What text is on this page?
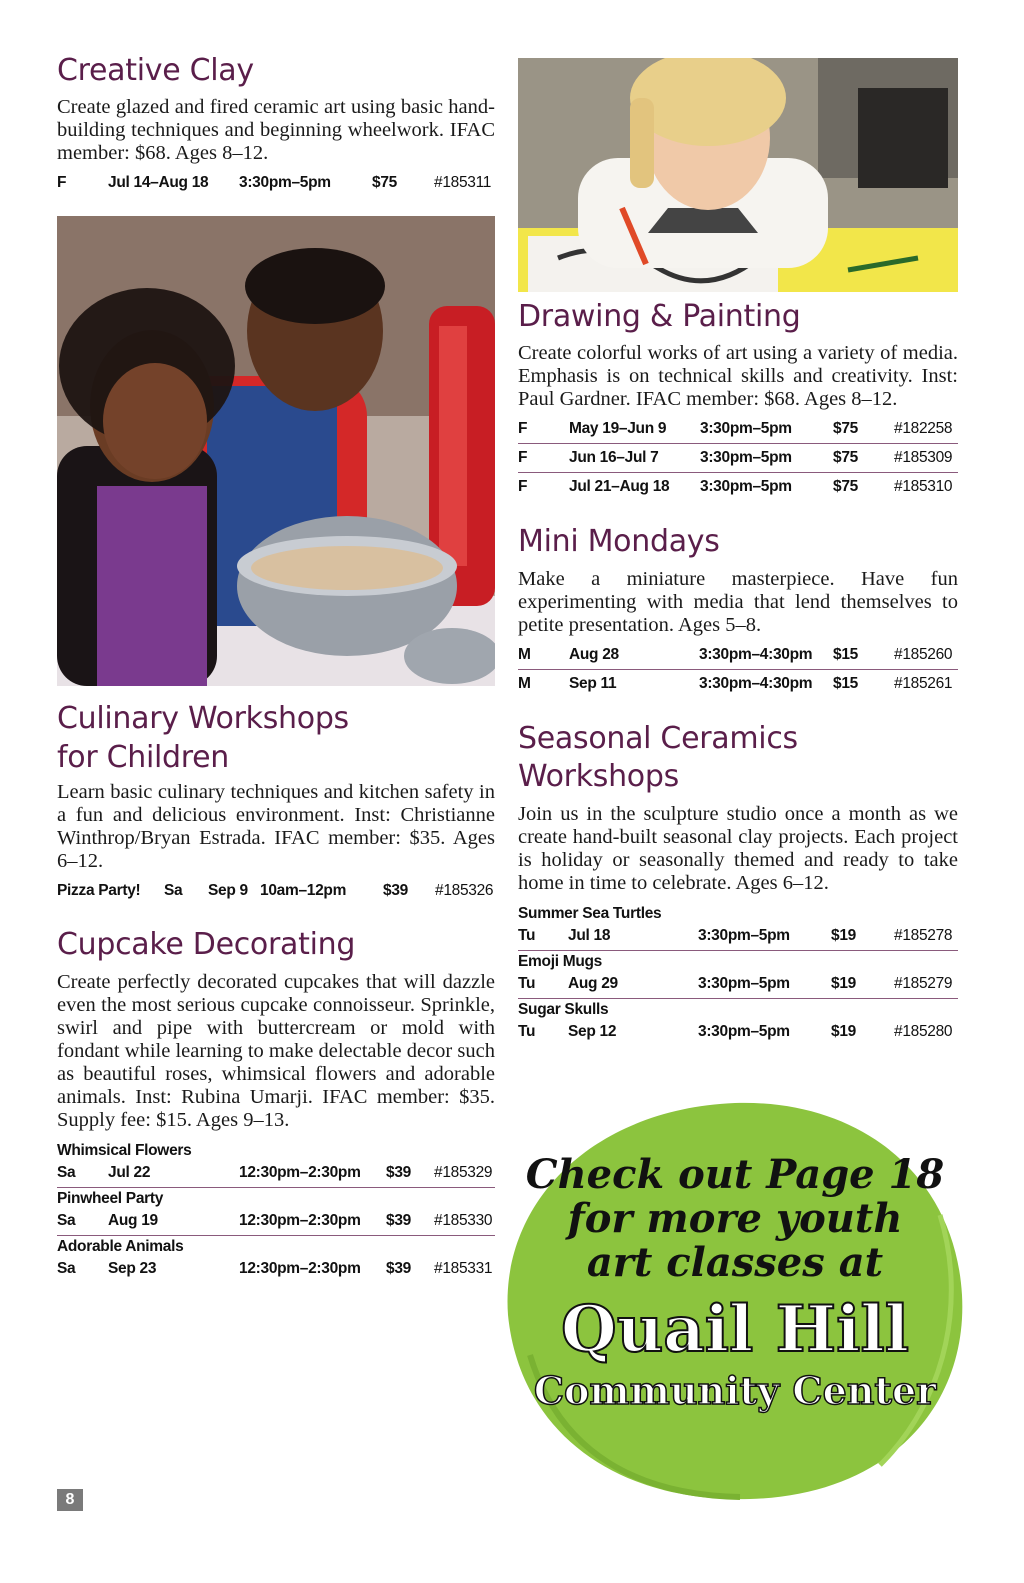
Creative Clay

Create glazed and fired ceramic art using basic hand-building techniques and beginning wheelwork. IFAC member: $68. Ages 8–12.

F	Jul 14–Aug 18	3:30pm–5pm	$75	#185311
Culinary Workshops
for Children

Learn basic culinary techniques and kitchen safety in a fun and delicious environment. Inst: Christianne Winthrop/Bryan Estrada. IFAC member: $35. Ages 6–12.

Pizza Party!	Sa	Sep 9 10am–12pm	$39	#185326
Cupcake Decorating

Create perfectly decorated cupcakes that will dazzle even the most serious cupcake connoisseur. Sprinkle, swirl and pipe with buttercream or mold with fondant while learning to make delectable decor such as beautiful roses, whimsical flowers and adorable animals. Inst: Rubina Umarji. IFAC member: $35. Supply fee: $15. Ages 9–13.

Whimsical Flowers
Sa	Jul 22	12:30pm–2:30pm	$39	#185329
Pinwheel Party
Sa	Aug 19	12:30pm–2:30pm	$39	#185330
Adorable Animals
Sa	Sep 23	12:30pm–2:30pm	$39	#185331
Drawing & Painting

Create colorful works of art using a variety of media. Emphasis is on technical skills and creativity. Inst: Paul Gardner. IFAC member: $68. Ages 8–12.

F	May 19–Jun 9	3:30pm–5pm	$75	#182258
F	Jun 16–Jul 7	3:30pm–5pm	$75	#185309
F	Jul 21–Aug 18	3:30pm–5pm	$75	#185310
Mini Mondays

Make a miniature masterpiece. Have fun experimenting with media that lend themselves to petite presentation. Ages 5–8.

M	Aug 28	3:30pm–4:30pm	$15	#185260
M	Sep 11	3:30pm–4:30pm	$15	#185261
Seasonal Ceramics Workshops

Join us in the sculpture studio once a month as we create hand-built seasonal clay projects. Each project is holiday or seasonally themed and ready to take home in time to celebrate. Ages 6–12.

Summer Sea Turtles
Tu	Jul 18	3:30pm–5pm	$19	#185278
Emoji Mugs
Tu	Aug 29	3:30pm–5pm	$19	#185279
Sugar Skulls
Tu	Sep 12	3:30pm–5pm	$19	#185280
Check out Page 18
for more youth
art classes at
Quail Hill
Community Center
8
